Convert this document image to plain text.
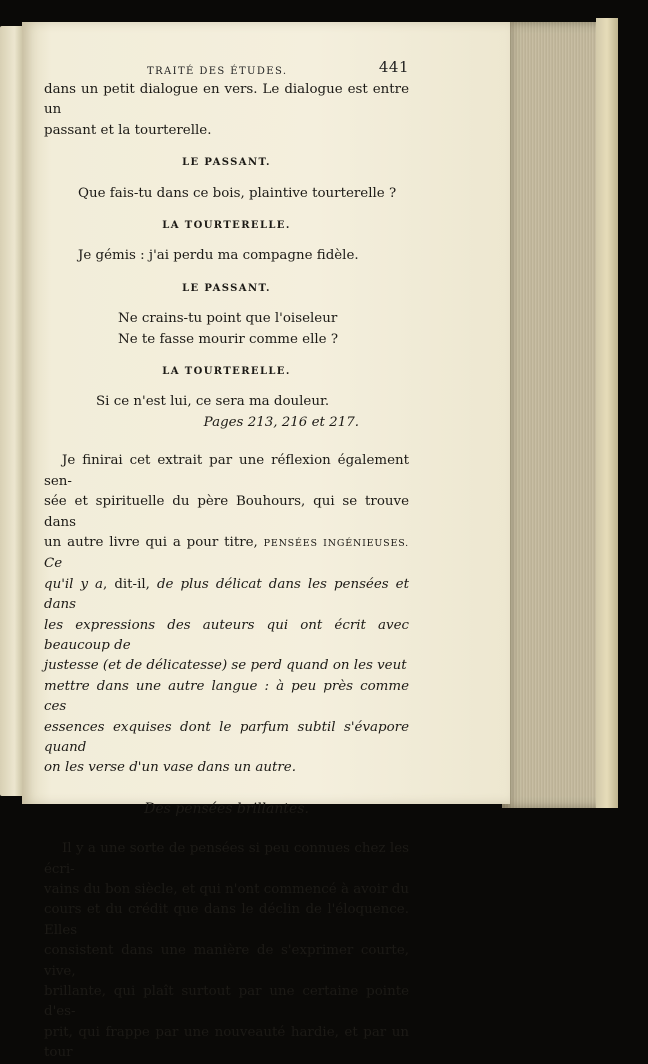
TRAITÉ DES ÉTUDES.	441

dans un petit dialogue en vers. Le dialogue est entre un

passant et la tourterelle.

LE PASSANT.

Que fais-tu dans ce bois, plaintive tourterelle ?

LA TOURTERELLE.

Je gémis : j'ai perdu ma compagne fidèle.

LE PASSANT.

Ne crains-tu point que l'oiseleur

Ne te fasse mourir comme elle ?

LA TOURTERELLE.

Si ce n'est lui, ce sera ma douleur.

Pages 213, 216 et 217.

Je finirai cet extrait par une réflexion également sen-

sée et spirituelle du père Bouhours, qui se trouve dans

un autre livre qui a pour titre, PENSÉES INGÉNIEUSES. Ce

qu'il y a, dit-il, de plus délicat dans les pensées et dans

les expressions des auteurs qui ont écrit avec beaucoup de

justesse (et de délicatesse) se perd quand on les veut

mettre dans une autre langue : à peu près comme ces

essences exquises dont le parfum subtil s'évapore quand

on les verse d'un vase dans un autre.

Des pensées brillantes.

Il y a une sorte de pensées si peu connues chez les écri-

vains du bon siècle, et qui n'ont commencé à avoir du

cours et du crédit que dans le déclin de l'éloquence. Elles

consistent dans une manière de s'exprimer courte, vive,

brillante, qui plaît surtout par une certaine pointe d'es-

prit, qui frappe par une nouveauté hardie, et par un tour
